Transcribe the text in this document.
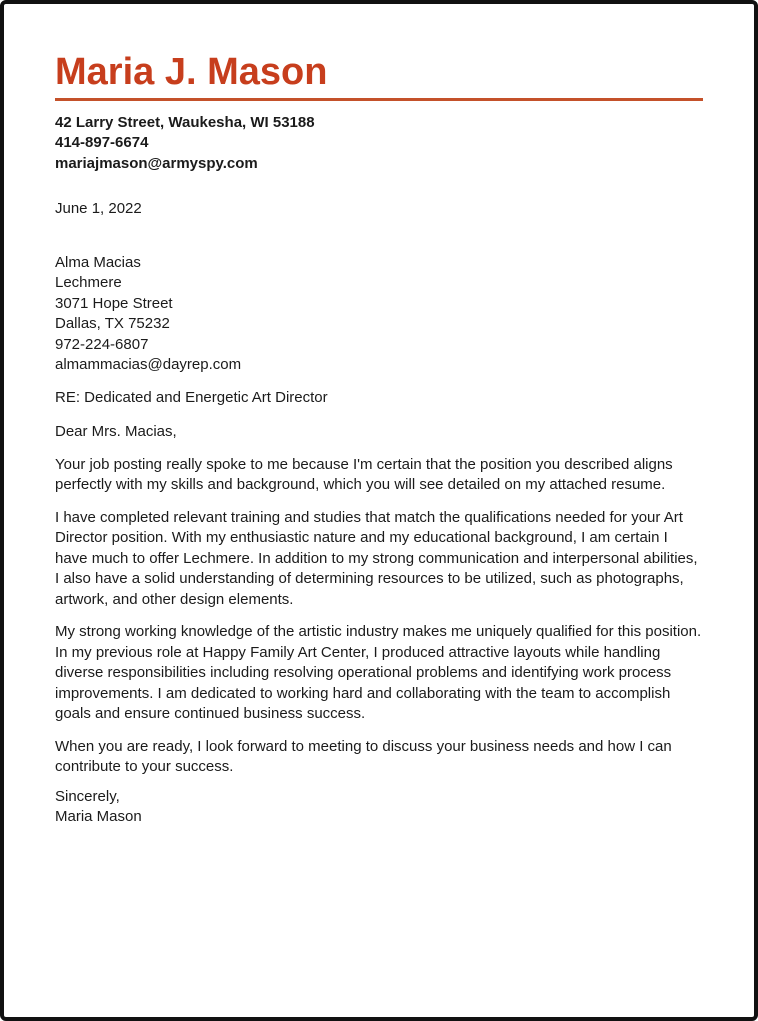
Maria J. Mason
42 Larry Street, Waukesha, WI 53188
414-897-6674
mariajmason@armyspy.com
June 1, 2022
Alma Macias
Lechmere
3071 Hope Street
Dallas, TX 75232
972-224-6807
almammacias@dayrep.com
RE: Dedicated and Energetic Art Director
Dear Mrs. Macias,

Your job posting really spoke to me because I'm certain that the position you described aligns perfectly with my skills and background, which you will see detailed on my attached resume.

I have completed relevant training and studies that match the qualifications needed for your Art Director position. With my enthusiastic nature and my educational background, I am certain I have much to offer Lechmere. In addition to my strong communication and interpersonal abilities, I also have a solid understanding of determining resources to be utilized, such as photographs, artwork, and other design elements.

My strong working knowledge of the artistic industry makes me uniquely qualified for this position. In my previous role at Happy Family Art Center, I produced attractive layouts while handling diverse responsibilities including resolving operational problems and identifying work process improvements. I am dedicated to working hard and collaborating with the team to accomplish goals and ensure continued business success.

When you are ready, I look forward to meeting to discuss your business needs and how I can contribute to your success.

Sincerely,
Maria Mason
